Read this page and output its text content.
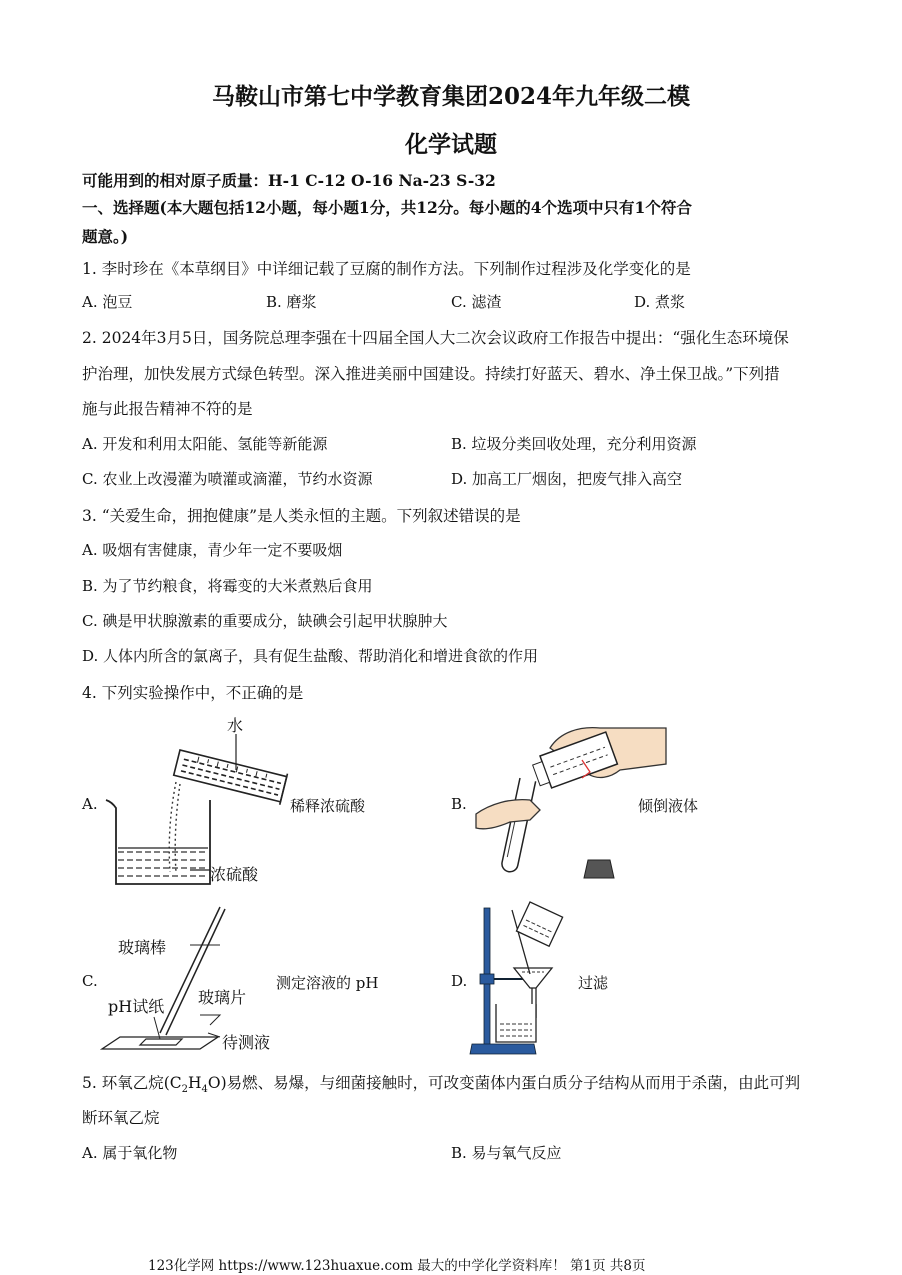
马鞍山市第七中学教育集团2024年九年级二模
化学试题
可能用到的相对原子质量：H-1 C-12 O-16 Na-23 S-32
一、选择题(本大题包括12小题，每小题1分，共12分。每小题的4个选项中只有1个符合
题意。)
1. 李时珍在《本草纲目》中详细记载了豆腐的制作方法。下列制作过程涉及化学变化的是
A. 泡豆	B. 磨浆	C. 滤渣	D. 煮浆
2. 2024年3月5日，国务院总理李强在十四届全国人大二次会议政府工作报告中提出：“强化生态环境保
护治理，加快发展方式绿色转型。深入推进美丽中国建设。持续打好蓝天、碧水、净土保卫战。”下列措
施与此报告精神不符的是
A. 开发和利用太阳能、氢能等新能源	B. 垃圾分类回收处理，充分利用资源
C. 农业上改漫灌为喷灌或滴灌，节约水资源	D. 加高工厂烟囱，把废气排入高空
3. “关爱生命，拥抱健康”是人类永恒的主题。下列叙述错误的是
A. 吸烟有害健康，青少年一定不要吸烟
B. 为了节约粮食，将霉变的大米煮熟后食用
C. 碘是甲状腺激素的重要成分，缺碘会引起甲状腺肿大
D. 人体内所含的氯离子，具有促生盐酸、帮助消化和增进食欲的作用
4. 下列实验操作中，不正确的是
A.
水
浓硫酸
稀释浓硫酸	B.	倾倒液体
C.
玻璃棒
pH试纸 玻璃片
待测液
测定溶液的 pH	D.	过滤
5. 环氧乙烷$(C_2H_4O)$易燃、易爆，与细菌接触时，可改变菌体内蛋白质分子结构从而用于杀菌，由此可判
断环氧乙烷
A. 属于氧化物	B. 易与氧气反应
123化学网 https://www.123huaxue.com 最大的中学化学资料库！ 第1页 共8页
